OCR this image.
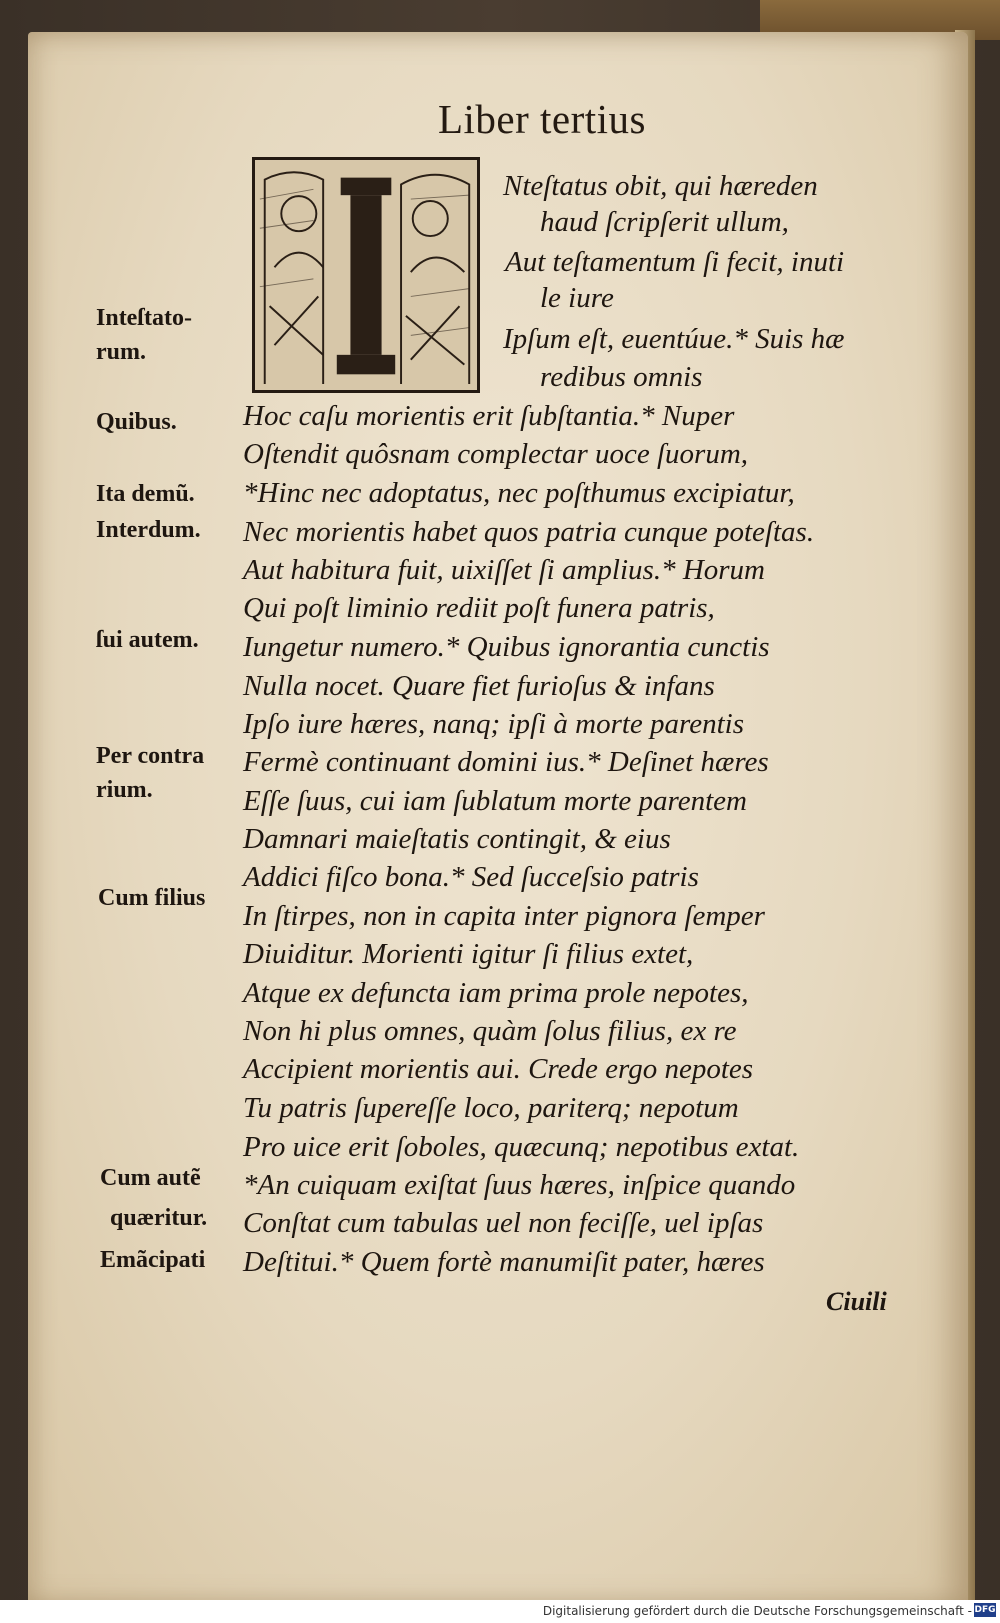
Liber tertius
Nteſtatus obit, qui hæreden
haud ſcripſerit ullum,
Aut teſtamentum ſi fecit, inuti
le iure
Ipſum eſt, euentúue.* Suis hæ
redibus omnis
Hoc caſu morientis erit ſubſtantia.* Nuper
Oſtendit quôsnam complectar uoce ſuorum,
*Hinc nec adoptatus, nec poſthumus excipiatur,
Nec morientis habet quos patria cunque poteſtas.
Aut habitura fuit, uixiſſet ſi amplius.* Horum
Qui poſt liminio rediit poſt funera patris,
Iungetur numero.* Quibus ignorantia cunctis
Nulla nocet. Quare fiet furioſus & infans
Ipſo iure hæres, nanq; ipſi à morte parentis
Fermè continuant domini ius.* Deſinet hæres
Eſſe ſuus, cui iam ſublatum morte parentem
Damnari maieſtatis contingit, & eius
Addici fiſco bona.* Sed ſucceſsio patris
In ſtirpes, non in capita inter pignora ſemper
Diuiditur. Morienti igitur ſi filius extet,
Atque ex defuncta iam prima prole nepotes,
Non hi plus omnes, quàm ſolus filius, ex re
Accipient morientis aui. Crede ergo nepotes
Tu patris ſupereſſe loco, pariterq; nepotum
Pro uice erit ſoboles, quæcunq; nepotibus extat.
*An cuiquam exiſtat ſuus hæres, inſpice quando
Conſtat cum tabulas uel non feciſſe, uel ipſas
Deſtitui.* Quem fortè manumiſit pater, hæres
Inteſtato-
rum.
Quibus.
Ita demũ.
Interdum.
ſui autem.
Per contra
rium.
Cum filius
Cum autẽ
quæritur.
Emãcipati
Ciuili
Digitalisierung gefördert durch die Deutsche Forschungsgemeinschaft - DFG
